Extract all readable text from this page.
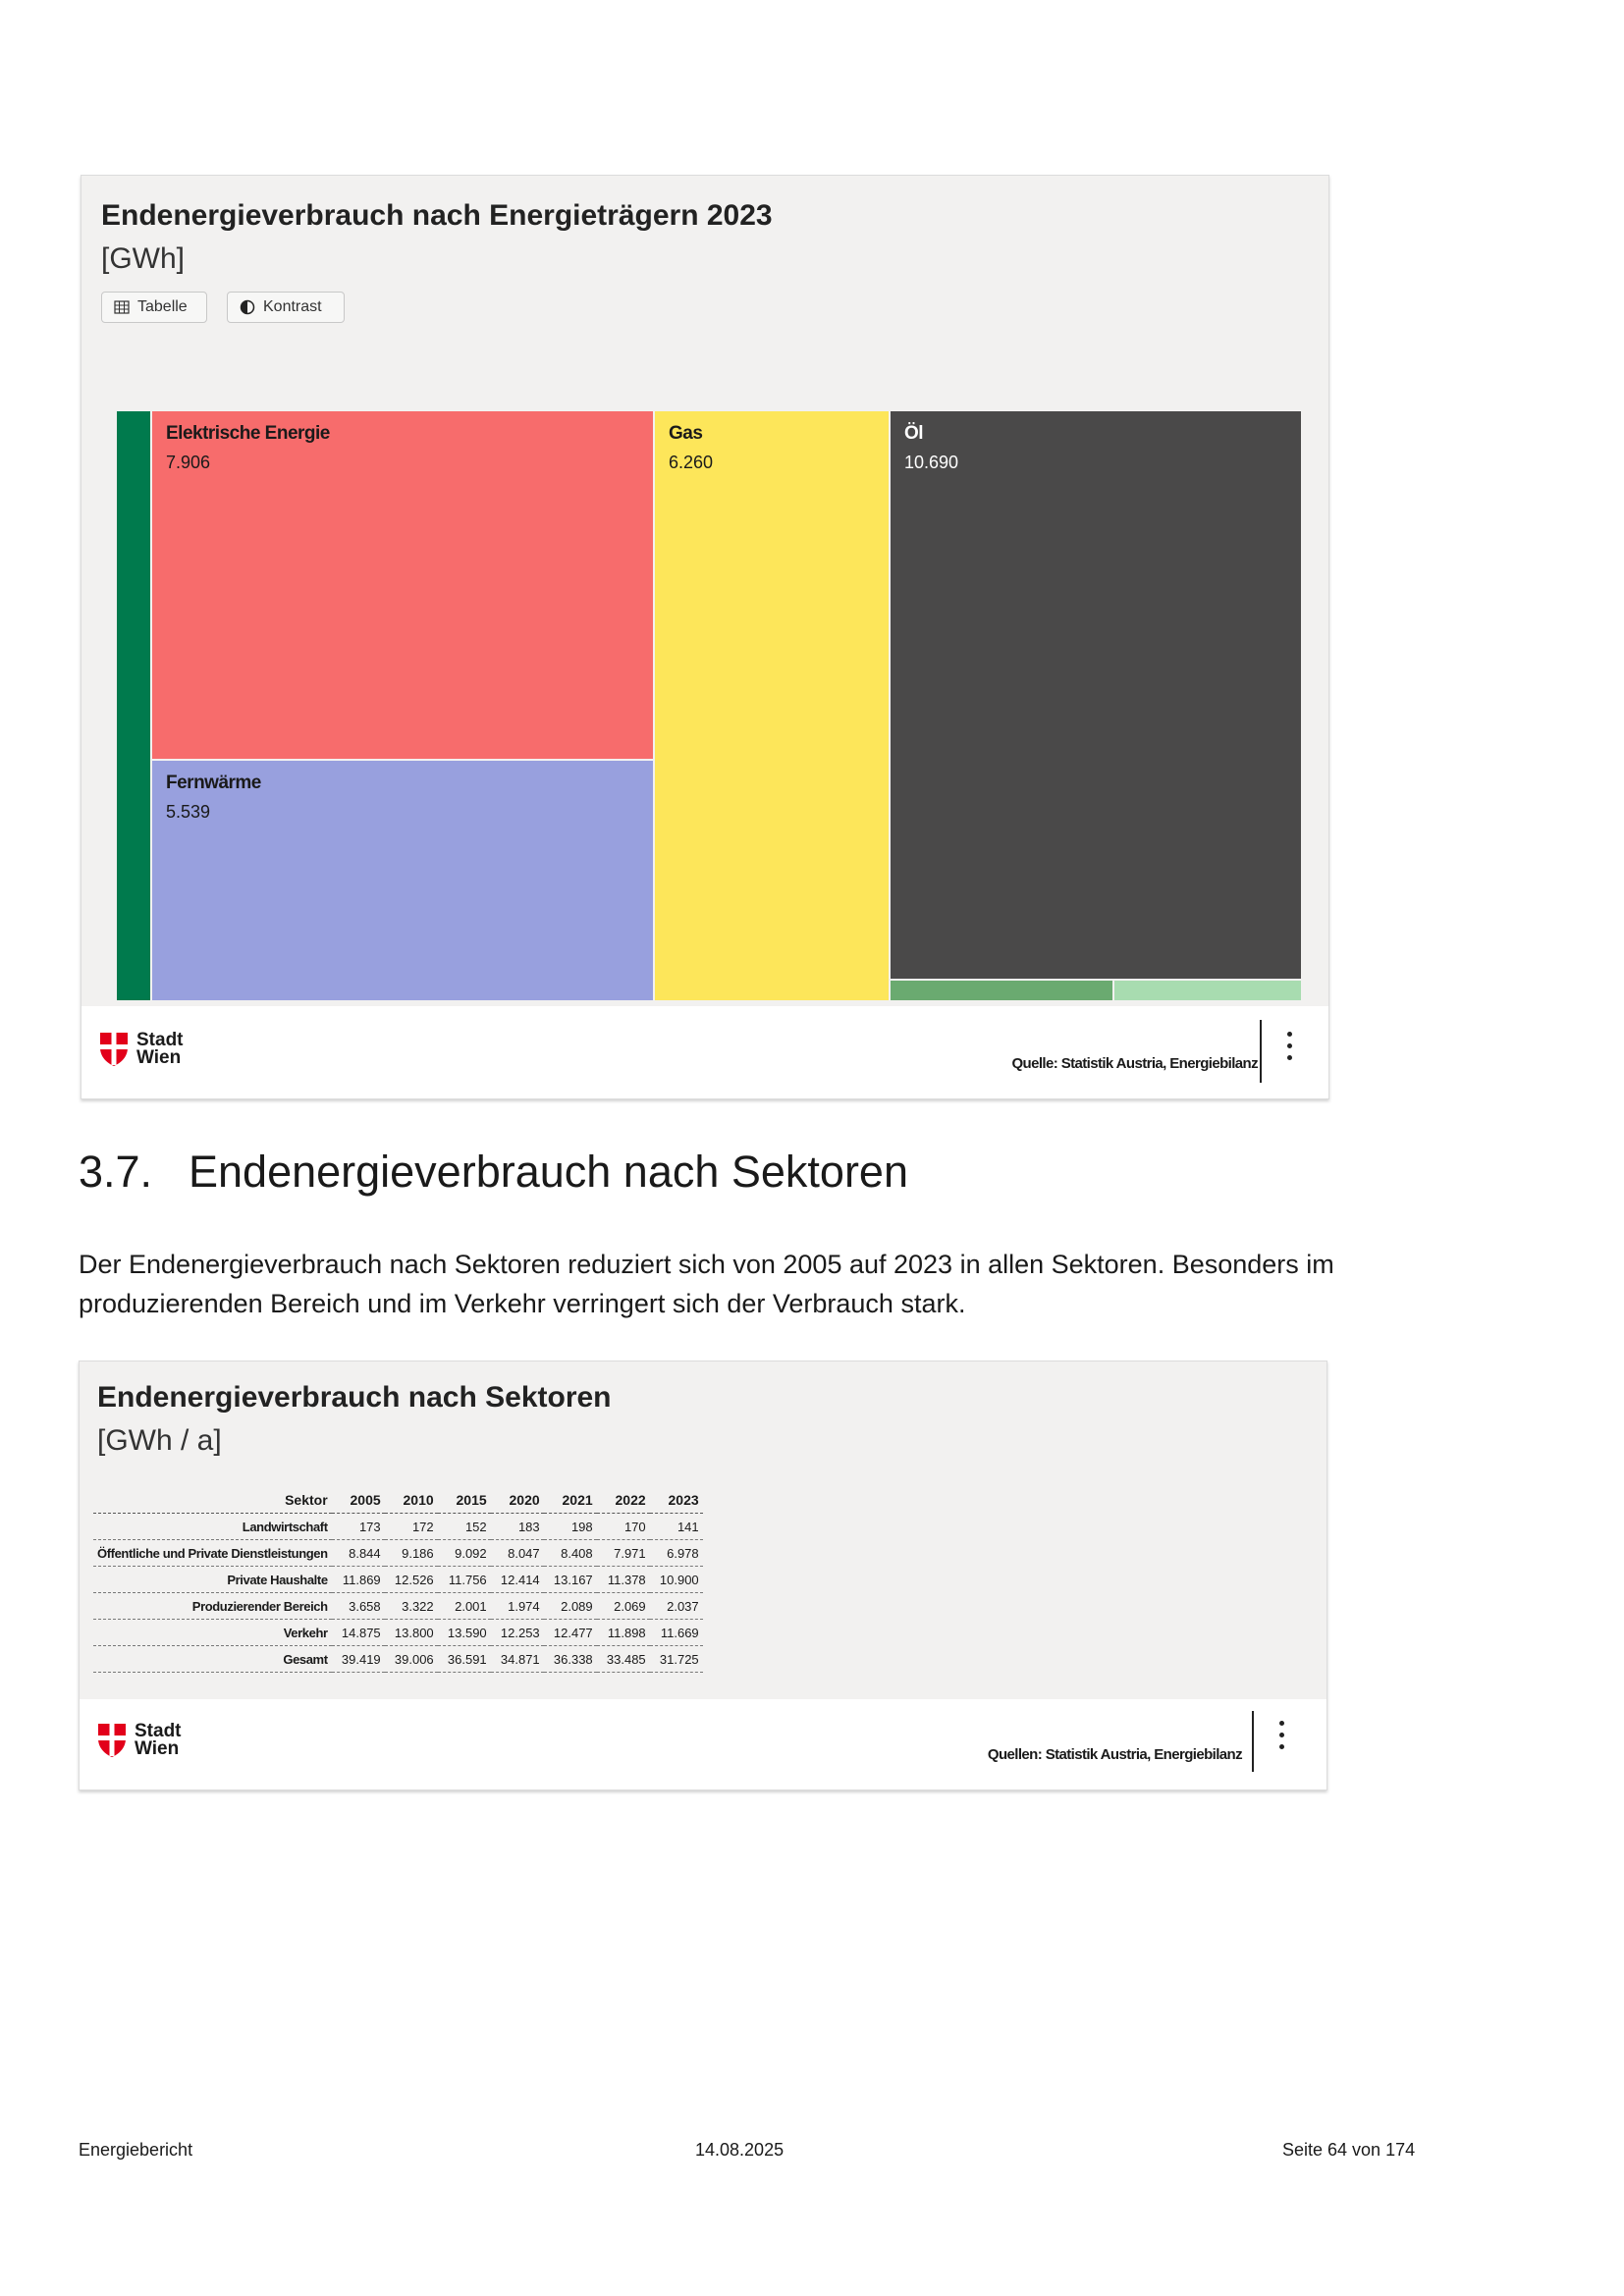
Endenergieverbrauch nach Energieträgern 2023
[GWh]
Tabelle	Kontrast
Elektrische Energie
7.906
Fernwärme
5.539
Gas
6.260
Öl
10.690
Stadt
Wien	Quelle: Statistik Austria, Energiebilanz
3.7. Endenergieverbrauch nach Sektoren
Der Endenergieverbrauch nach Sektoren reduziert sich von 2005 auf 2023 in allen Sektoren. Besonders im produzierenden Bereich und im Verkehr verringert sich der Verbrauch stark.
Endenergieverbrauch nach Sektoren
[GWh / a]
Sektor	2005	2010	2015	2020	2021	2022	2023
Landwirtschaft	173	172	152	183	198	170	141
Öffentliche und Private Dienstleistungen	8.844	9.186	9.092	8.047	8.408	7.971	6.978
Private Haushalte	11.869	12.526	11.756	12.414	13.167	11.378	10.900
Produzierender Bereich	3.658	3.322	2.001	1.974	2.089	2.069	2.037
Verkehr	14.875	13.800	13.590	12.253	12.477	11.898	11.669
Gesamt	39.419	39.006	36.591	34.871	36.338	33.485	31.725
Stadt
Wien	Quellen: Statistik Austria, Energiebilanz
Energiebericht	14.08.2025	Seite 64 von 174
